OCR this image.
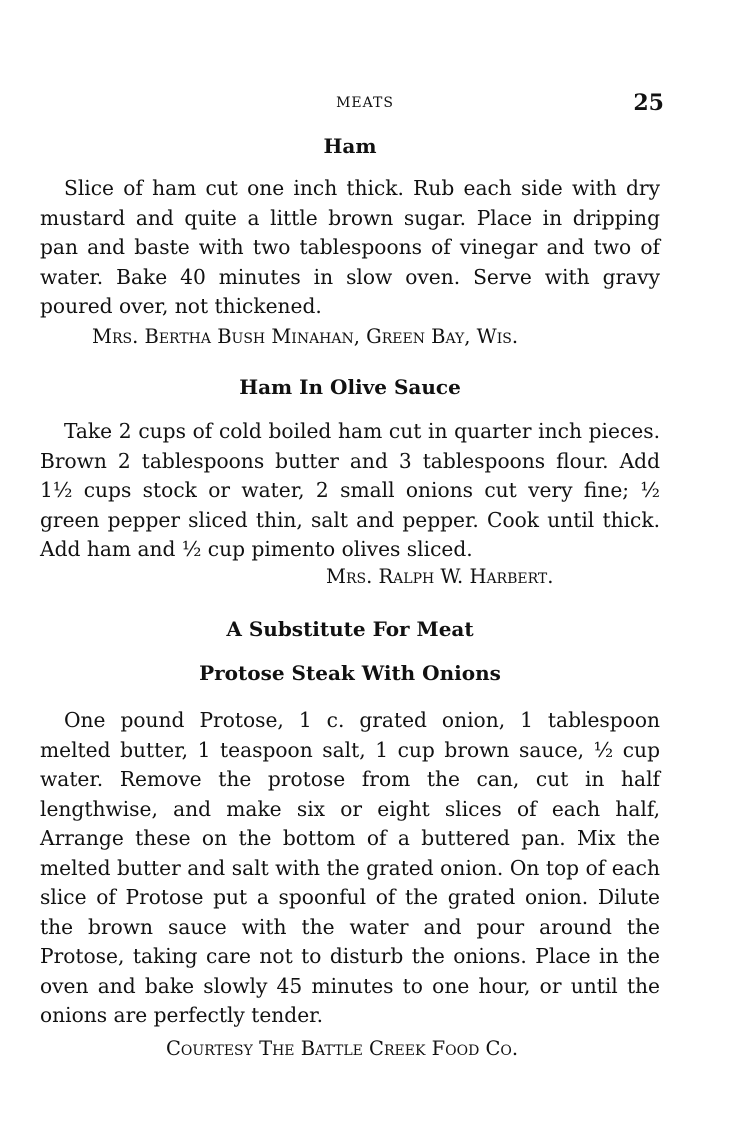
MEATS	25
Ham

Slice of ham cut one inch thick. Rub each side with dry mustard and quite a little brown sugar. Place in dripping pan and baste with two tablespoons of vinegar and two of water. Bake 40 minutes in slow oven. Serve with gravy poured over, not thickened.

Mrs. Bertha Bush Minahan, Green Bay, Wis.

Ham In Olive Sauce

Take 2 cups of cold boiled ham cut in quarter inch pieces. Brown 2 tablespoons butter and 3 tablespoons flour. Add 1½ cups stock or water, 2 small onions cut very fine; ½ green pepper sliced thin, salt and pepper. Cook until thick. Add ham and ½ cup pimento olives sliced.

Mrs. Ralph W. Harbert.

A Substitute For Meat
Protose Steak With Onions

One pound Protose, 1 c. grated onion, 1 tablespoon melted butter, 1 teaspoon salt, 1 cup brown sauce, ½ cup water. Remove the protose from the can, cut in half lengthwise, and make six or eight slices of each half, Arrange these on the bottom of a buttered pan. Mix the melted butter and salt with the grated onion. On top of each slice of Protose put a spoonful of the grated onion. Dilute the brown sauce with the water and pour around the Protose, taking care not to disturb the onions. Place in the oven and bake slowly 45 minutes to one hour, or until the onions are perfectly tender.

Courtesy The Battle Creek Food Co.
